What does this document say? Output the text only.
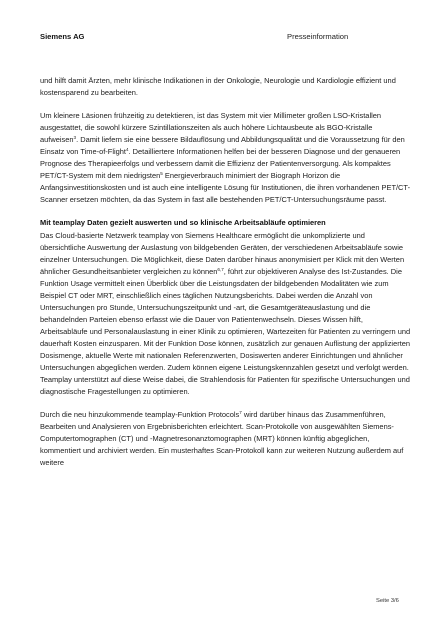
Siemens AG	Presseinformation

und hilft damit Ärzten, mehr klinische Indikationen in der Onkologie, Neurologie und Kardiologie effizient und kostensparend zu bearbeiten.

Um kleinere Läsionen frühzeitig zu detektieren, ist das System mit vier Millimeter großen LSO-Kristallen ausgestattet, die sowohl kürzere Szintillationszeiten als auch höhere Lichtausbeute als BGO-Kristalle aufweisen$^3$. Damit liefern sie eine bessere Bildauflösung und Abbildungsqualität und die Voraussetzung für den Einsatz von Time-of-Flight$^4$. Detailliertere Informationen helfen bei der besseren Diagnose und der genaueren Prognose des Therapieerfolgs und verbessern damit die Effizienz der Patientenversorgung. Als kompaktes PET/CT-System mit dem niedrigsten$^5$ Energieverbrauch minimiert der Biograph Horizon die Anfangsinvestitionskosten und ist auch eine intelligente Lösung für Institutionen, die ihren vorhandenen PET/CT-Scanner ersetzen möchten, da das System in fast alle bestehenden PET/CT-Untersuchungsräume passt.

Mit teamplay Daten gezielt auswerten und so klinische Arbeitsabläufe optimieren

Das Cloud-basierte Netzwerk teamplay von Siemens Healthcare ermöglicht die unkomplizierte und übersichtliche Auswertung der Auslastung von bildgebenden Geräten, der verschiedenen Arbeitsabläufe sowie einzelner Untersuchungen. Die Möglichkeit, diese Daten darüber hinaus anonymisiert per Klick mit den Werten ähnlicher Gesundheitsanbieter vergleichen zu können$^{6,7}$, führt zur objektiveren Analyse des Ist-Zustandes. Die Funktion Usage vermittelt einen Überblick über die Leistungsdaten der bildgebenden Modalitäten wie zum Beispiel CT oder MRT, einschließlich eines täglichen Nutzungsberichts. Dabei werden die Anzahl von Untersuchungen pro Stunde, Untersuchungszeitpunkt und -art, die Gesamtgeräteauslastung und die behandelnden Parteien ebenso erfasst wie die Dauer von Patientenwechseln. Dieses Wissen hilft, Arbeitsabläufe und Personalauslastung in einer Klinik zu optimieren, Wartezeiten für Patienten zu verringern und dauerhaft Kosten einzusparen. Mit der Funktion Dose können, zusätzlich zur genauen Auflistung der applizierten Dosismenge, aktuelle Werte mit nationalen Referenzwerten, Dosiswerten anderer Einrichtungen und ähnlicher Untersuchungen abgeglichen werden. Zudem können eigene Leistungskennzahlen gesetzt und verfolgt werden. Teamplay unterstützt auf diese Weise dabei, die Strahlendosis für Patienten für spezifische Untersuchungen und diagnostische Fragestellungen zu optimieren.

Durch die neu hinzukommende teamplay-Funktion Protocols$^7$ wird darüber hinaus das Zusammenführen, Bearbeiten und Analysieren von Ergebnisberichten erleichtert. Scan-Protokolle von ausgewählten Siemens-Computertomographen (CT) und -Magnetresonanztomographen (MRT) können künftig abgeglichen, kommentiert und archiviert werden. Ein musterhaftes Scan-Protokoll kann zur weiteren Nutzung außerdem auf weitere

Seite 3/6
